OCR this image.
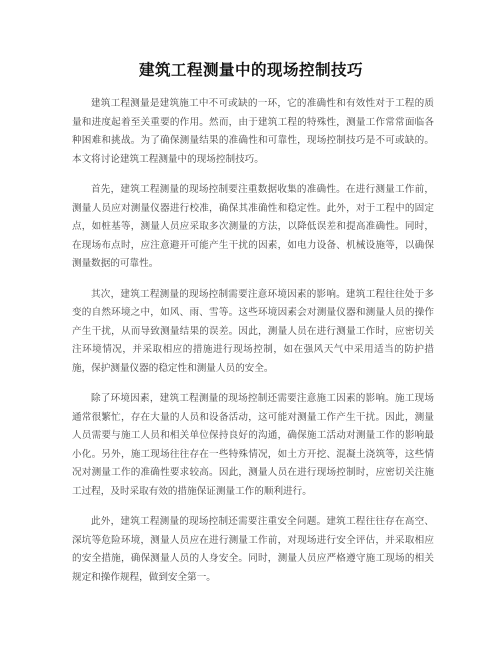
建筑工程测量中的现场控制技巧

建筑工程测量是建筑施工中不可或缺的一环，它的准确性和有效性对于工程的质量和进度起着至关重要的作用。然而，由于建筑工程的特殊性，测量工作常常面临各种困难和挑战。为了确保测量结果的准确性和可靠性，现场控制技巧是不可或缺的。本文将讨论建筑工程测量中的现场控制技巧。

首先，建筑工程测量的现场控制要注重数据收集的准确性。在进行测量工作前，测量人员应对测量仪器进行校准，确保其准确性和稳定性。此外，对于工程中的固定点，如桩基等，测量人员应采取多次测量的方法，以降低误差和提高准确性。同时，在现场布点时，应注意避开可能产生干扰的因素，如电力设备、机械设施等，以确保测量数据的可靠性。

其次，建筑工程测量的现场控制需要注意环境因素的影响。建筑工程往往处于多变的自然环境之中，如风、雨、雪等。这些环境因素会对测量仪器和测量人员的操作产生干扰，从而导致测量结果的误差。因此，测量人员在进行测量工作时，应密切关注环境情况，并采取相应的措施进行现场控制，如在强风天气中采用适当的防护措施，保护测量仪器的稳定性和测量人员的安全。

除了环境因素，建筑工程测量的现场控制还需要注意施工因素的影响。施工现场通常很繁忙，存在大量的人员和设备活动，这可能对测量工作产生干扰。因此，测量人员需要与施工人员和相关单位保持良好的沟通，确保施工活动对测量工作的影响最小化。另外，施工现场往往存在一些特殊情况，如土方开挖、混凝土浇筑等，这些情况对测量工作的准确性要求较高。因此，测量人员在进行现场控制时，应密切关注施工过程，及时采取有效的措施保证测量工作的顺利进行。

此外，建筑工程测量的现场控制还需要注重安全问题。建筑工程往往存在高空、深坑等危险环境，测量人员应在进行测量工作前，对现场进行安全评估，并采取相应的安全措施，确保测量人员的人身安全。同时，测量人员应严格遵守施工现场的相关规定和操作规程，做到安全第一。
